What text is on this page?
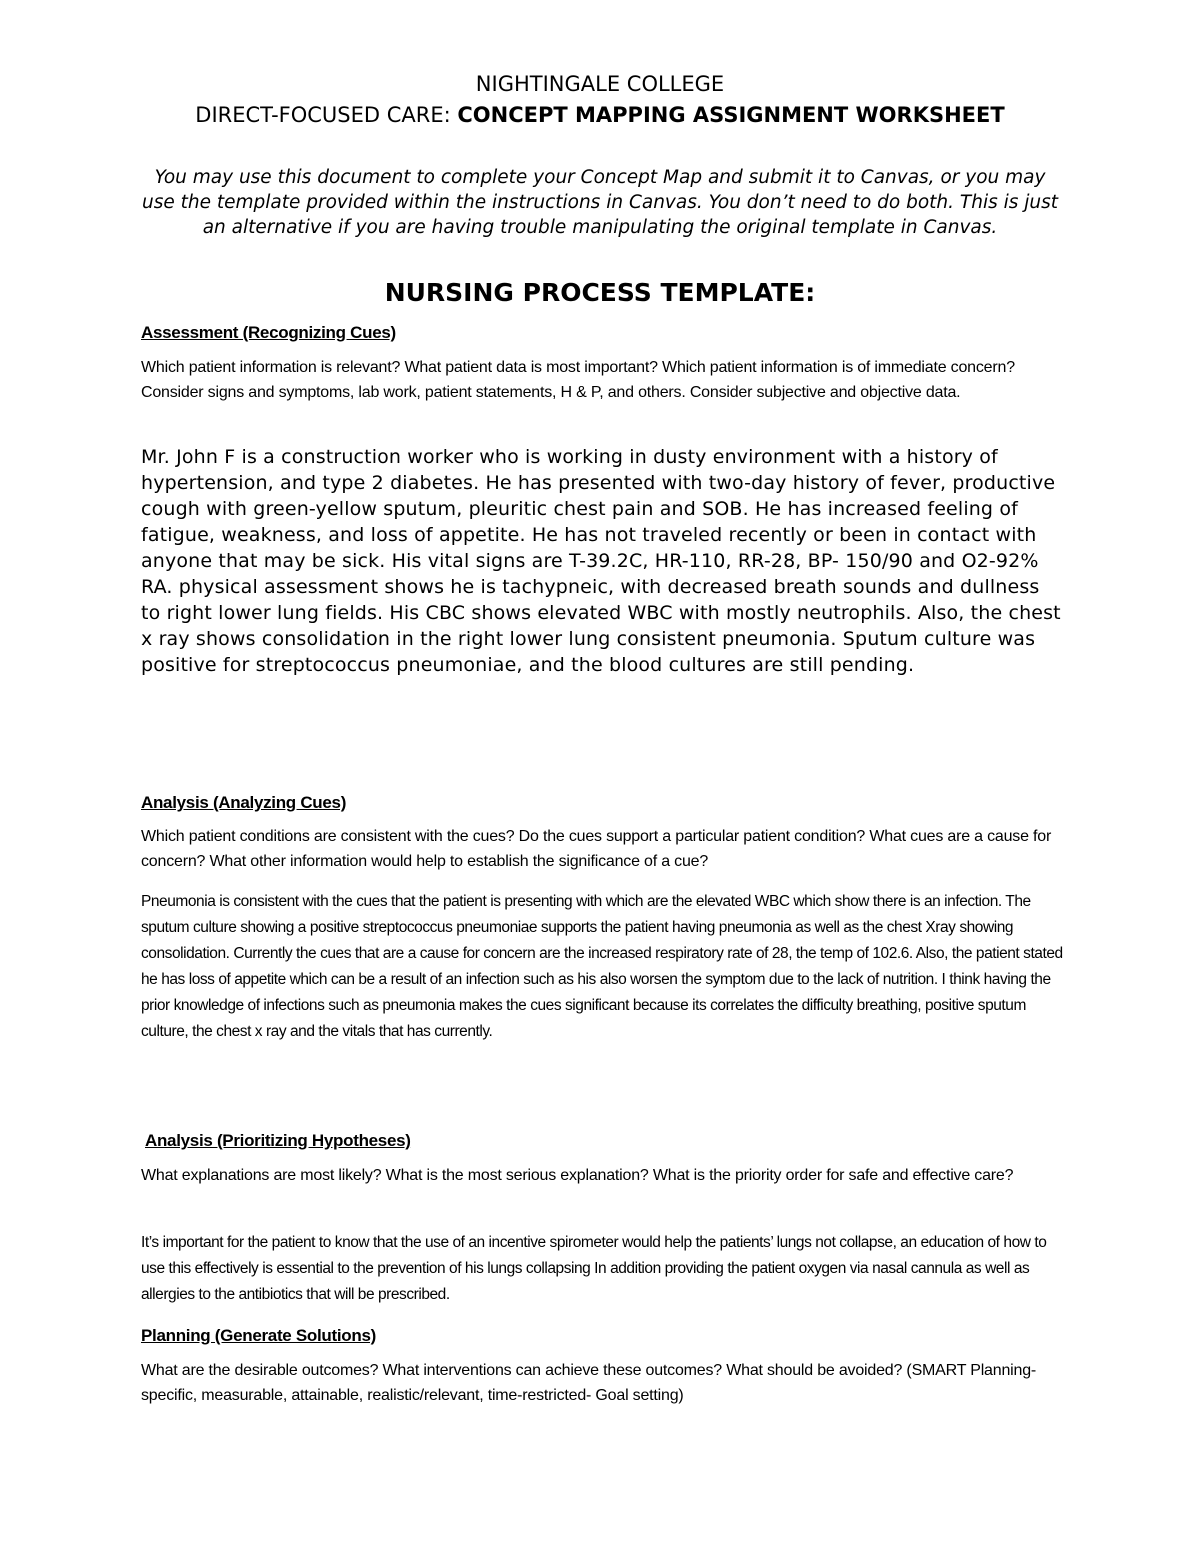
NIGHTINGALE COLLEGE
DIRECT-FOCUSED CARE: CONCEPT MAPPING ASSIGNMENT WORKSHEET
You may use this document to complete your Concept Map and submit it to Canvas, or you may use the template provided within the instructions in Canvas. You don’t need to do both. This is just an alternative if you are having trouble manipulating the original template in Canvas.
NURSING PROCESS TEMPLATE:
Assessment (Recognizing Cues)
Which patient information is relevant? What patient data is most important? Which patient information is of immediate concern? Consider signs and symptoms, lab work, patient statements, H & P, and others. Consider subjective and objective data.
Mr. John F is a construction worker who is working in dusty environment with a history of hypertension, and type 2 diabetes. He has presented with two-day history of fever, productive cough with green-yellow sputum, pleuritic chest pain and SOB. He has increased feeling of fatigue, weakness, and loss of appetite. He has not traveled recently or been in contact with anyone that may be sick. His vital signs are T-39.2C, HR-110, RR-28, BP- 150/90 and O2-92% RA. physical assessment shows he is tachypneic, with decreased breath sounds and dullness to right lower lung fields. His CBC shows elevated WBC with mostly neutrophils. Also, the chest x ray shows consolidation in the right lower lung consistent pneumonia. Sputum culture was positive for streptococcus pneumoniae, and the blood cultures are still pending.
Analysis (Analyzing Cues)
Which patient conditions are consistent with the cues? Do the cues support a particular patient condition? What cues are a cause for concern? What other information would help to establish the significance of a cue?
Pneumonia is consistent with the cues that the patient is presenting with which are the elevated WBC which show there is an infection. The sputum culture showing a positive streptococcus pneumoniae supports the patient having pneumonia as well as the chest Xray showing consolidation. Currently the cues that are a cause for concern are the increased respiratory rate of 28, the temp of 102.6. Also, the patient stated he has loss of appetite which can be a result of an infection such as his also worsen the symptom due to the lack of nutrition. I think having the prior knowledge of infections such as pneumonia makes the cues significant because its correlates the difficulty breathing, positive sputum culture, the chest x ray and the vitals that has currently.
Analysis (Prioritizing Hypotheses)
What explanations are most likely? What is the most serious explanation? What is the priority order for safe and effective care?
It’s important for the patient to know that the use of an incentive spirometer would help the patients’ lungs not collapse, an education of how to use this effectively is essential to the prevention of his lungs collapsing In addition providing the patient oxygen via nasal cannula as well as allergies to the antibiotics that will be prescribed.
Planning (Generate Solutions)
What are the desirable outcomes? What interventions can achieve these outcomes? What should be avoided? (SMART Planning- specific, measurable, attainable, realistic/relevant, time-restricted- Goal setting)
